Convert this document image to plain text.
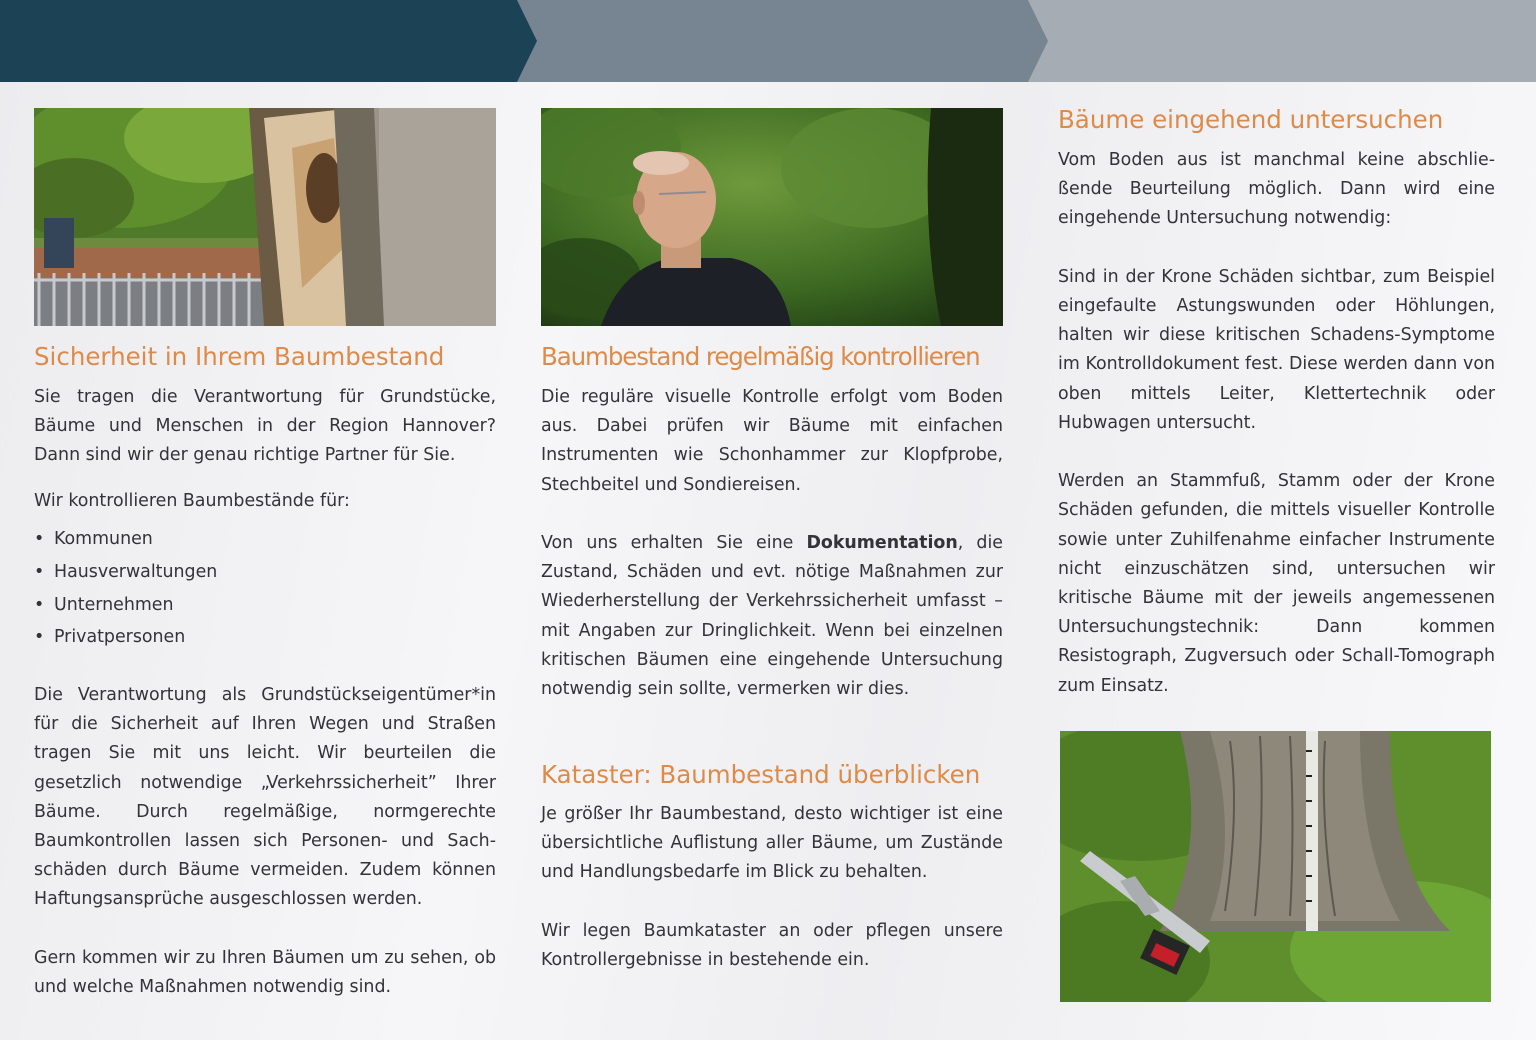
Sicherheit in Ihrem Baumbestand

Sie tragen die Verantwortung für Grundstücke, Bäume und Menschen in der Region Hannover? Dann sind wir der genau richtige Partner für Sie.

Wir kontrollieren Baumbestände für:
• Kommunen
• Hausverwaltungen
• Unternehmen
• Privatpersonen

Die Verantwortung als Grundstückseigentümer*in für die Sicherheit auf Ihren Wegen und Straßen tragen Sie mit uns leicht. Wir beurteilen die gesetzlich notwendige „Verkehrssicherheit” Ihrer Bäume. Durch regelmäßige, normgerechte Baumkontrollen lassen sich Personen- und Sachschäden durch Bäume vermeiden. Zudem können Haftungsansprüche ausgeschlossen werden.

Gern kommen wir zu Ihren Bäumen um zu sehen, ob und welche Maßnahmen notwendig sind.

Baumbestand regelmäßig kontrollieren

Die reguläre visuelle Kontrolle erfolgt vom Boden aus. Dabei prüfen wir Bäume mit einfachen Instrumenten wie Schonhammer zur Klopfprobe, Stechbeitel und Sondiereisen.

Von uns erhalten Sie eine Dokumentation, die Zustand, Schäden und evt. nötige Maßnahmen zur Wiederherstellung der Verkehrssicherheit umfasst – mit Angaben zur Dringlichkeit. Wenn bei einzelnen kritischen Bäumen eine eingehende Untersuchung notwendig sein sollte, vermerken wir dies.

Kataster: Baumbestand überblicken

Je größer Ihr Baumbestand, desto wichtiger ist eine übersichtliche Auflistung aller Bäume, um Zustände und Handlungsbedarfe im Blick zu behalten.

Wir legen Baumkataster an oder pflegen unsere Kontrollergebnisse in bestehende ein.

Bäume eingehend untersuchen

Vom Boden aus ist manchmal keine abschließende Beurteilung möglich. Dann wird eine eingehende Untersuchung notwendig:

Sind in der Krone Schäden sichtbar, zum Beispiel eingefaulte Astungswunden oder Höhlungen, halten wir diese kritischen Schadens-Symptome im Kontrolldokument fest. Diese werden dann von oben mittels Leiter, Klettertechnik oder Hubwagen untersucht.

Werden an Stammfuß, Stamm oder der Krone Schäden gefunden, die mittels visueller Kontrolle sowie unter Zuhilfenahme einfacher Instrumente nicht einzuschätzen sind, untersuchen wir kritische Bäume mit der jeweils angemessenen Untersuchungstechnik: Dann kommen Resistograph, Zugversuch oder Schall-Tomograph zum Einsatz.
